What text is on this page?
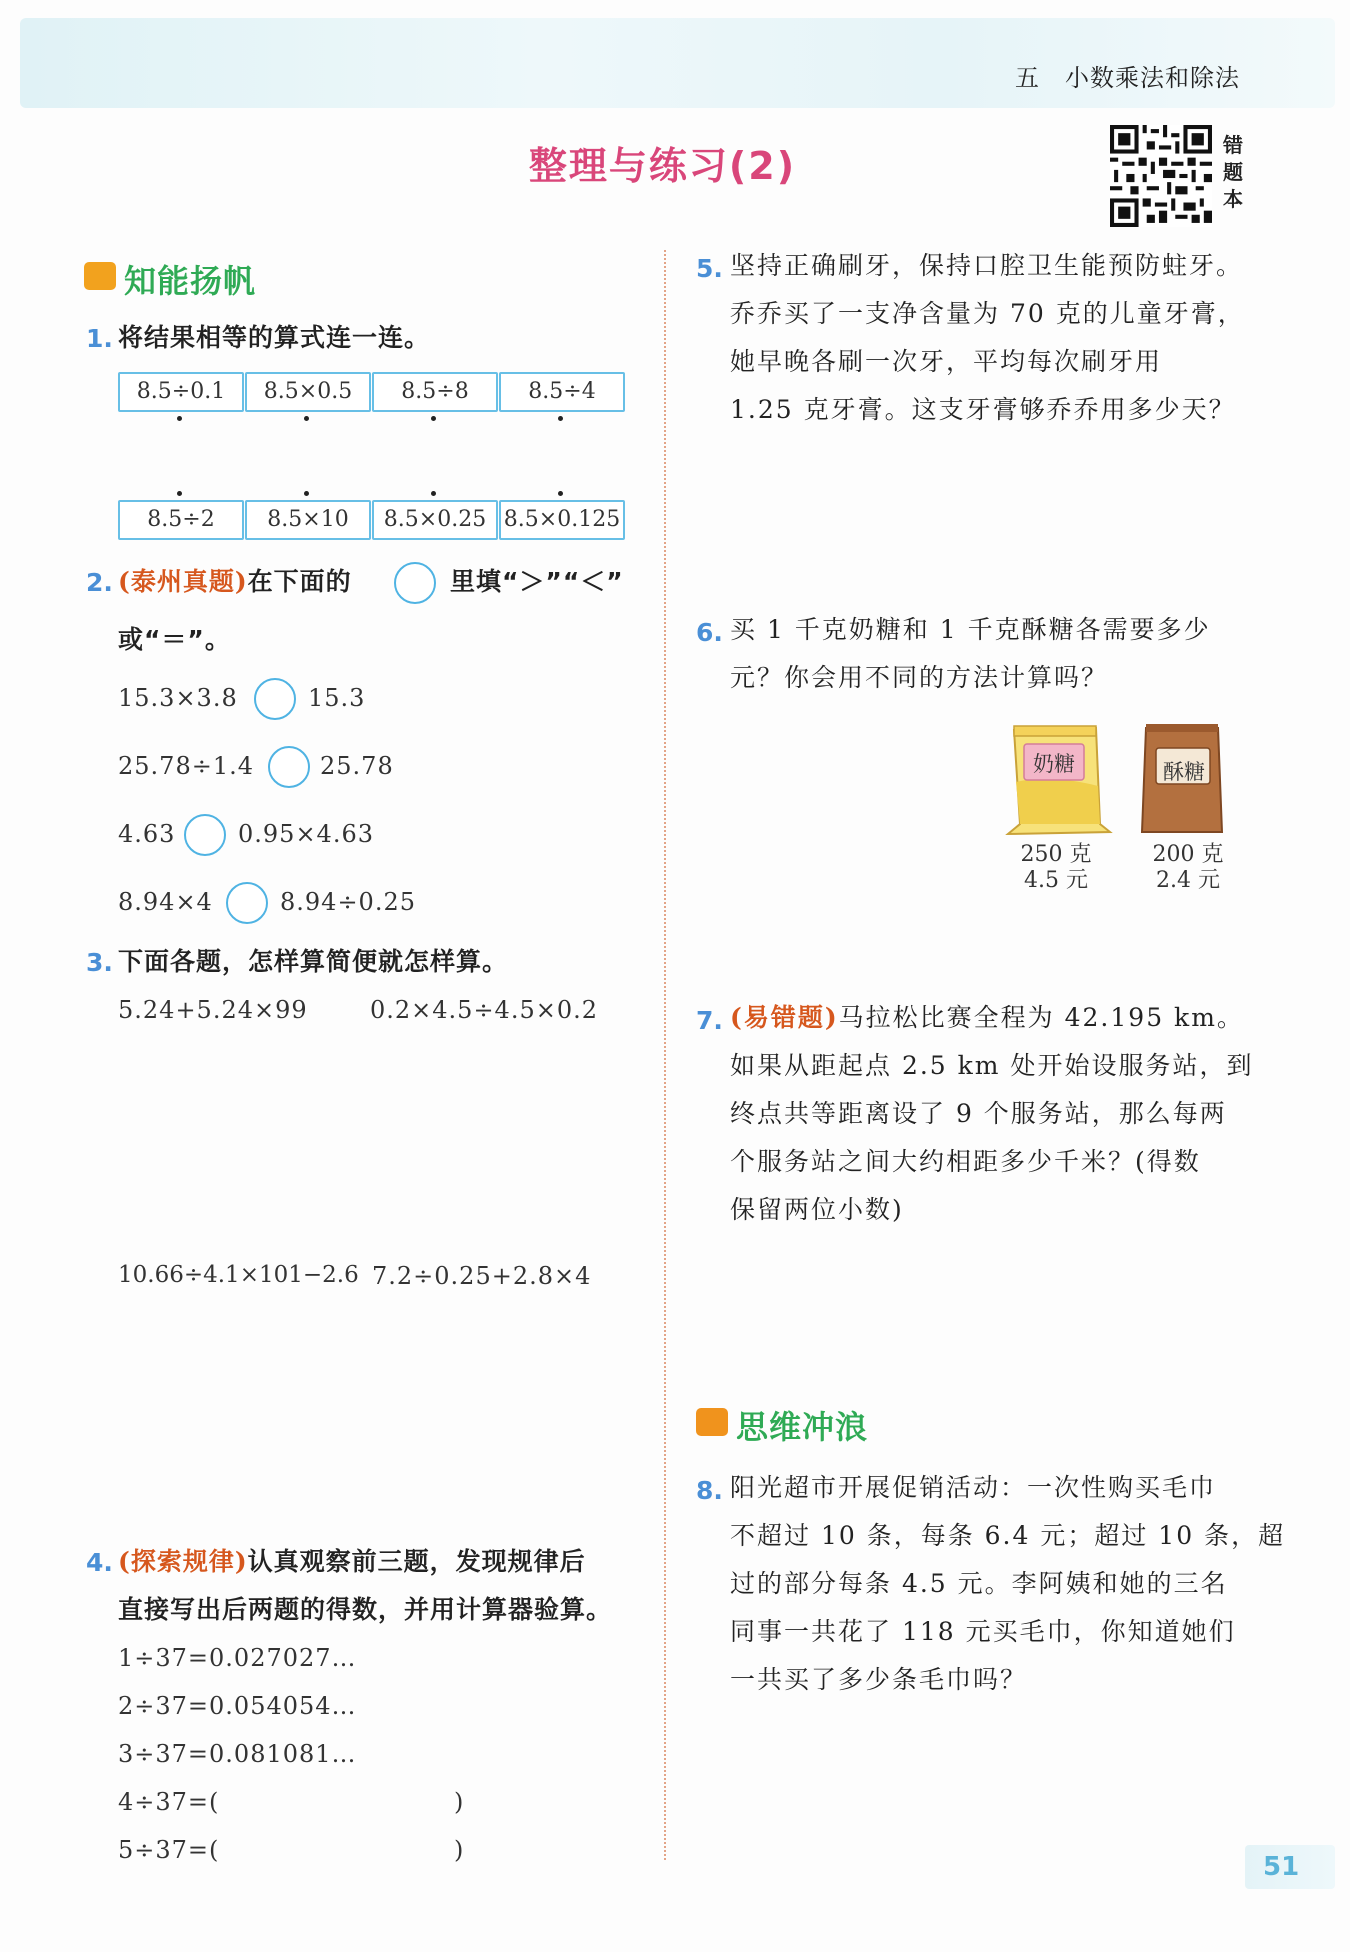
五　小数乘法和除法
整理与练习(2)	错
题
本
知能扬帆
1. 将结果相等的算式连一连。
8.5÷0.1	8.5×0.5	8.5÷8	8.5÷4
8.5÷2	8.5×10	8.5×0.25 8.5×0.125
2. (泰州真题)在下面的	里填“＞”“＜”
或“＝”。
15.3×3.8	15.3
25.78÷1.4	25.78
4.63	0.95×4.63
8.94×4	8.94÷0.25
3. 下面各题，怎样算简便就怎样算。
5.24+5.24×99	0.2×4.5÷4.5×0.2
10.66÷4.1×101−2.6 7.2÷0.25+2.8×4
4. (探索规律)认真观察前三题，发现规律后
直接写出后两题的得数，并用计算器验算。
1÷37=0.027027…
2÷37=0.054054…
3÷37=0.081081…
4÷37=(	)
5÷37=(	)
5. 坚持正确刷牙，保持口腔卫生能预防蛀牙。
乔乔买了一支净含量为 70 克的儿童牙膏，
她早晚各刷一次牙，平均每次刷牙用
1.25 克牙膏。这支牙膏够乔乔用多少天？
6. 买 1 千克奶糖和 1 千克酥糖各需要多少
元？你会用不同的方法计算吗？
奶糖	酥糖
250 克
4.5 元
200 克
2.4 元
7. (易错题)马拉松比赛全程为 42.195 km。
如果从距起点 2.5 km 处开始设服务站，到
终点共等距离设了 9 个服务站，那么每两
个服务站之间大约相距多少千米？(得数
保留两位小数)
思维冲浪
8. 阳光超市开展促销活动：一次性购买毛巾
不超过 10 条，每条 6.4 元；超过 10 条，超
过的部分每条 4.5 元。李阿姨和她的三名
同事一共花了 118 元买毛巾，你知道她们
一共买了多少条毛巾吗？
51
